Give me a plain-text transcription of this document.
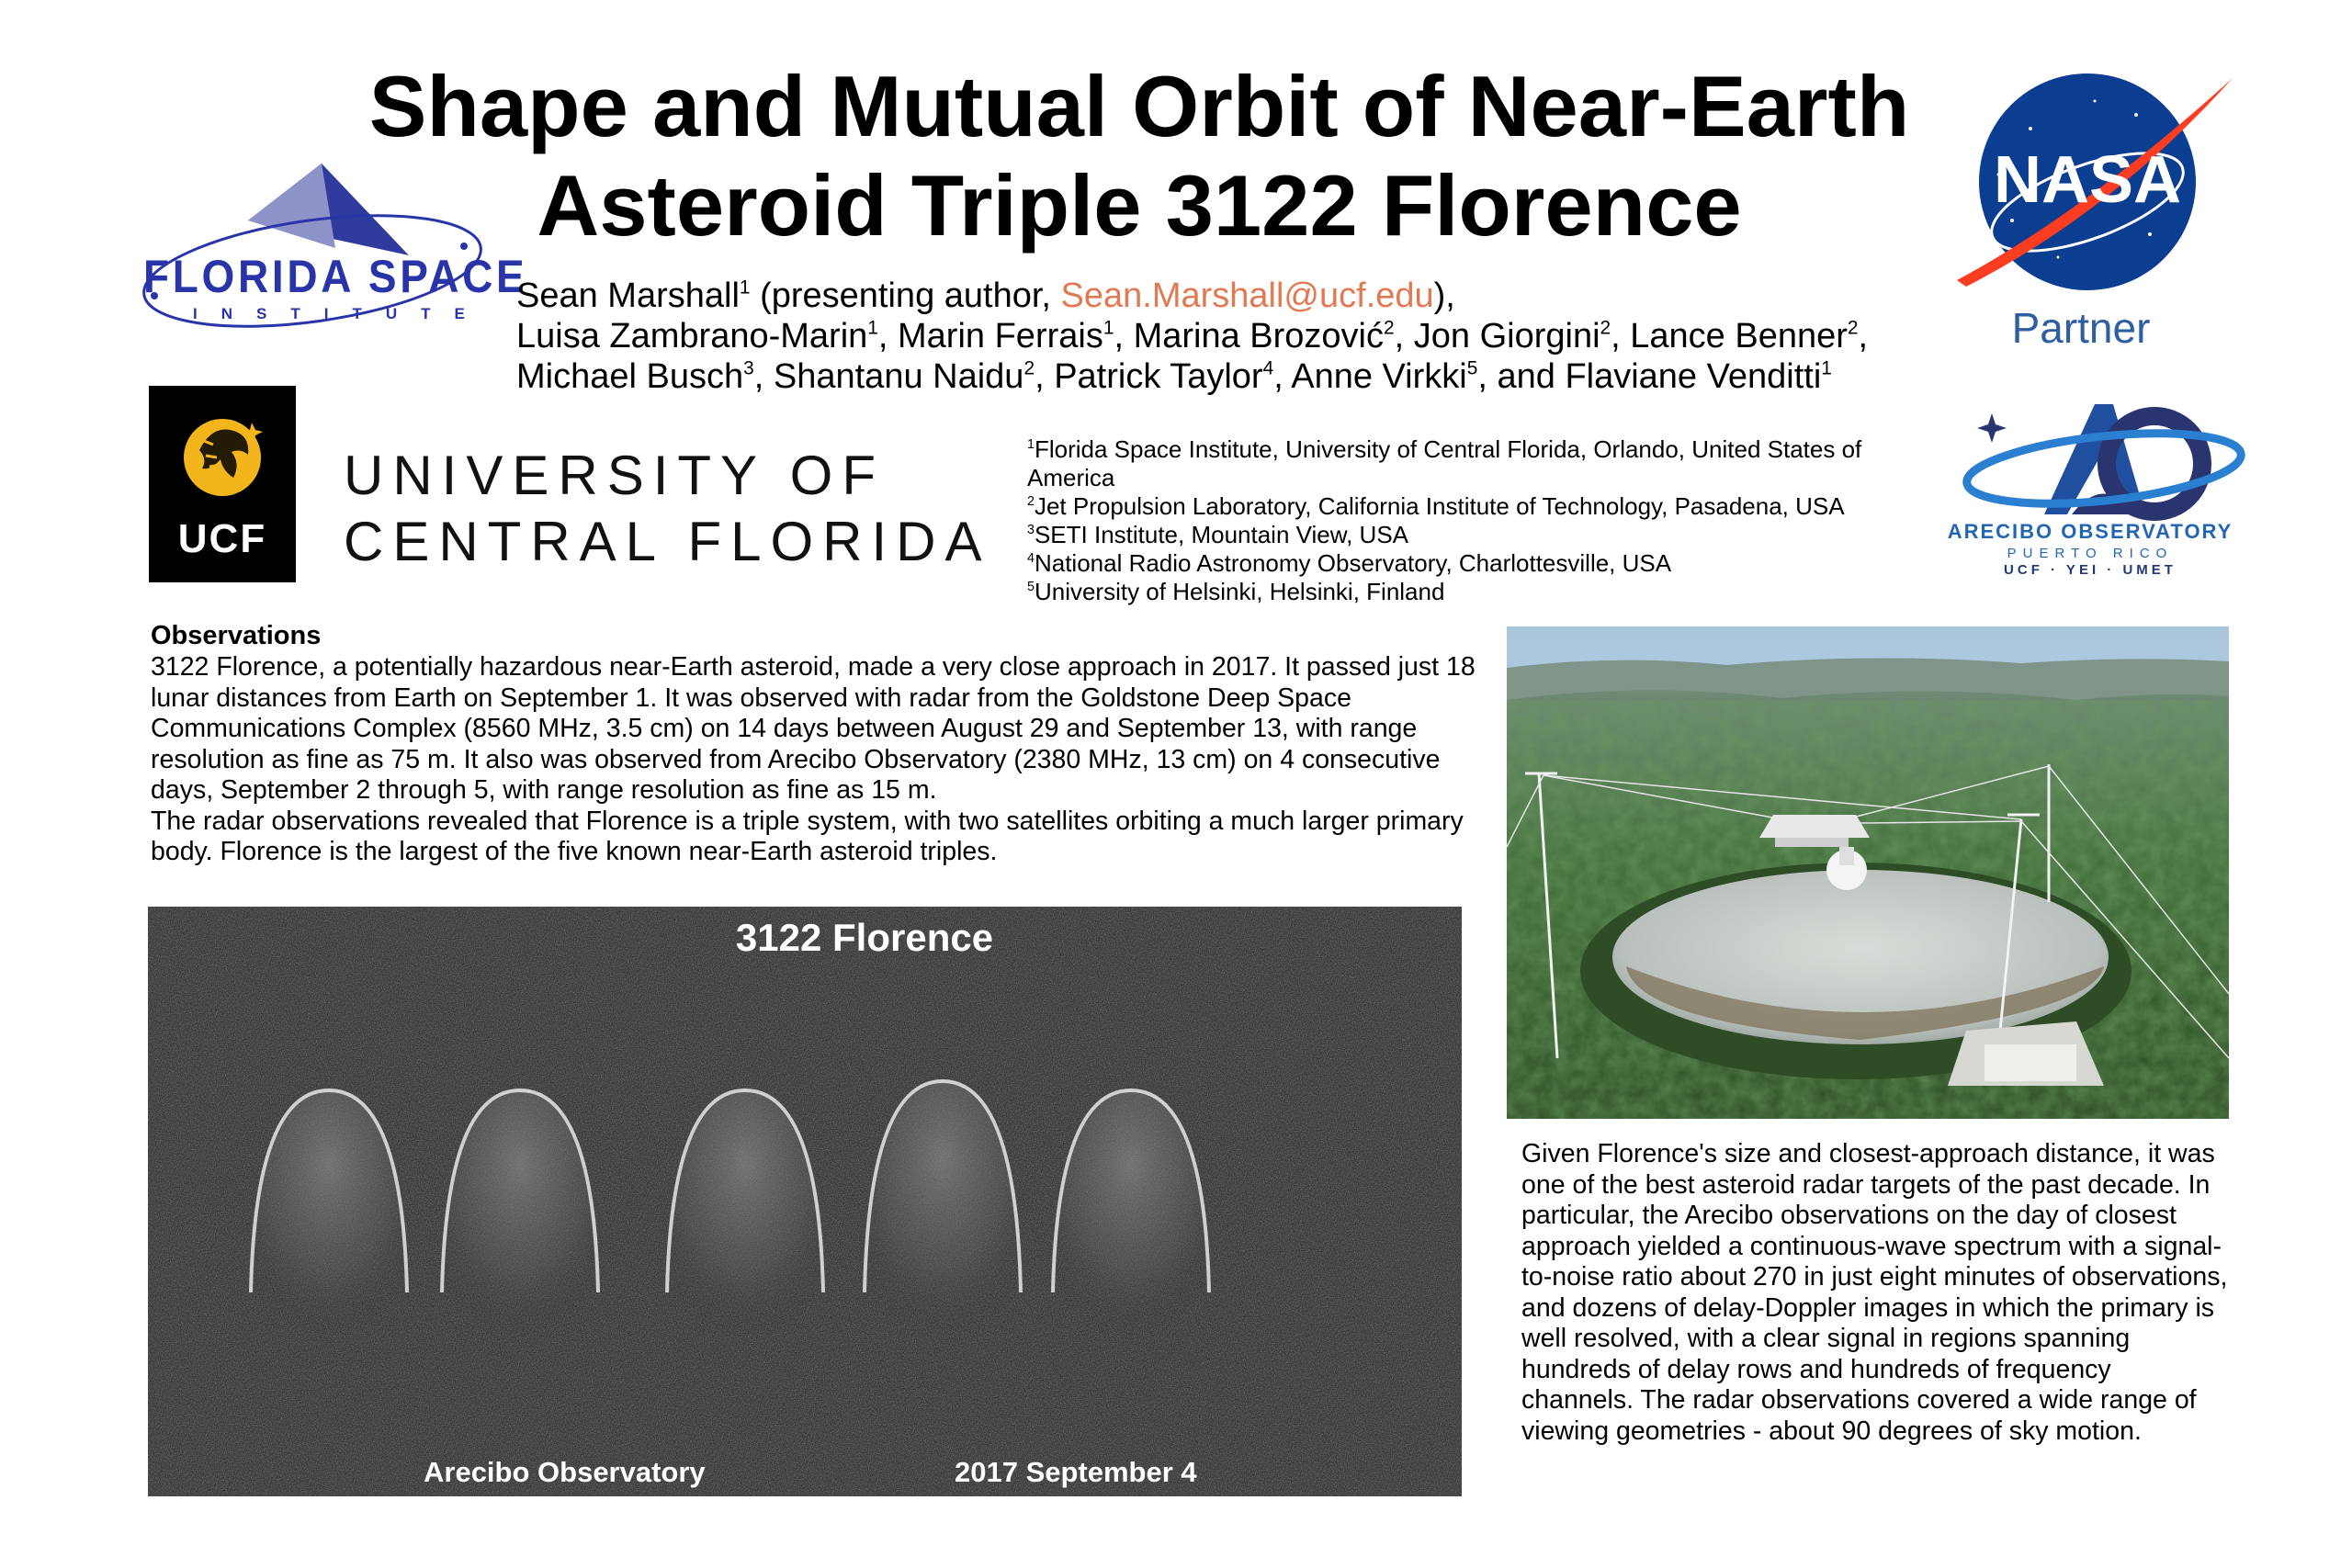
Shape and Mutual Orbit of Near-Earth
Asteroid Triple 3122 Florence
FLORIDA SPACE
INSTITUTE Sean Marshall$^1$ (presenting author, Sean.Marshall@ucf.edu),
Luisa Zambrano-Marin$^1$, Marin Ferrais$^1$, Marina Brozović$^2$, Jon Giorgini$^2$, Lance Benner$^2$,
Michael Busch$^3$, Shantanu Naidu$^2$, Patrick Taylor$^4$, Anne Virkki$^5$, and Flaviane Venditti$^1$
UCF
UNIVERSITY OF
CENTRAL FLORIDA
$^1$Florida Space Institute, University of Central Florida, Orlando, United States of America
$^2$Jet Propulsion Laboratory, California Institute of Technology, Pasadena, USA
$^3$SETI Institute, Mountain View, USA
$^4$National Radio Astronomy Observatory, Charlottesville, USA
$^5$University of Helsinki, Helsinki, Finland
NASA
Partner
ARECIBO OBSERVATORY
PUERTO RICO
UCF · YEI · UMET
Observations

3122 Florence, a potentially hazardous near-Earth asteroid, made a very close approach in 2017. It passed just 18 lunar distances from Earth on September 1. It was observed with radar from the Goldstone Deep Space Communications Complex (8560 MHz, 3.5 cm) on 14 days between August 29 and September 13, with range resolution as fine as 75 m. It also was observed from Arecibo Observatory (2380 MHz, 13 cm) on 4 consecutive days, September 2 through 5, with range resolution as fine as 15 m.

The radar observations revealed that Florence is a triple system, with two satellites orbiting a much larger primary body. Florence is the largest of the five known near-Earth asteroid triples.

3122 Florence
Arecibo Observatory	2017 September 4
Given Florence's size and closest-approach distance, it was one of the best asteroid radar targets of the past decade. In particular, the Arecibo observations on the day of closest approach yielded a continuous-wave spectrum with a signal-to-noise ratio about 270 in just eight minutes of observations, and dozens of delay-Doppler images in which the primary is well resolved, with a clear signal in regions spanning hundreds of delay rows and hundreds of frequency channels. The radar observations covered a wide range of viewing geometries - about 90 degrees of sky motion.
